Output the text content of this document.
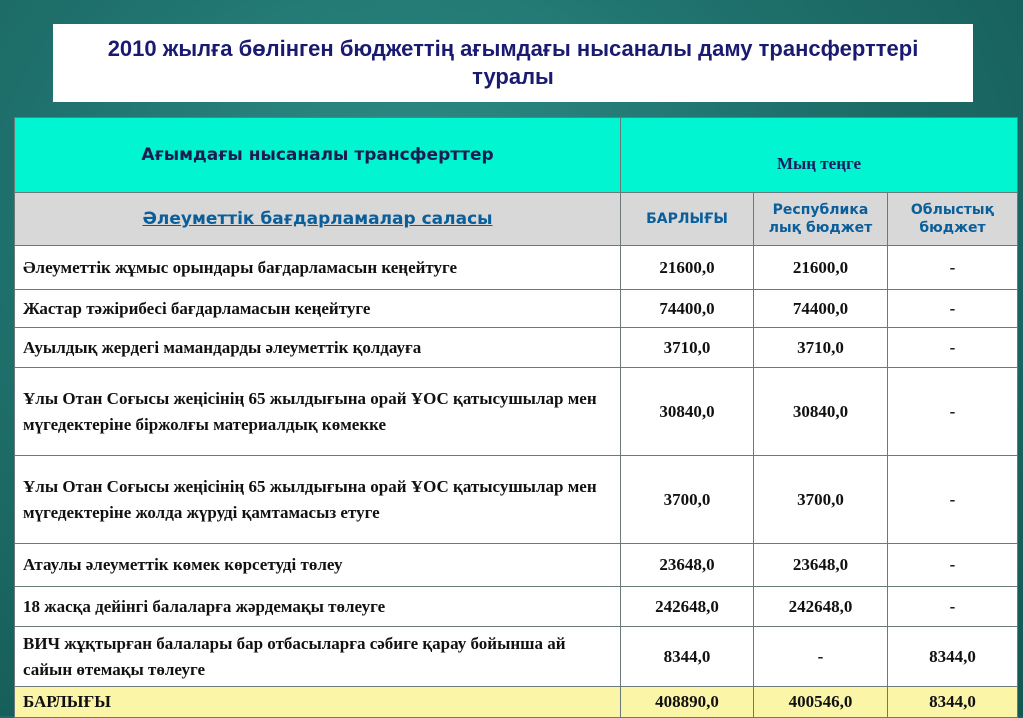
2010 жылға бөлінген бюджеттің ағымдағы нысаналы даму трансферттері
туралы
Ағымдағы нысаналы трансферттер	Мың теңге		
Әлеуметтік бағдарламалар саласы	БАРЛЫҒЫ	Республика лық бюджет	Облыстық бюджет
Әлеуметтік жұмыс орындары бағдарламасын кеңейтуге	21600,0	21600,0	-
Жастар тәжірибесі бағдарламасын кеңейтуге	74400,0	74400,0	-
Ауылдық жердегі мамандарды әлеуметтік қолдауға	3710,0	3710,0	-
Ұлы Отан Соғысы жеңісінің 65 жылдығына орай ҰОС қатысушылар мен мүгедектеріне біржолғы материалдық көмекке	30840,0	30840,0	-
Ұлы Отан Соғысы жеңісінің 65 жылдығына орай ҰОС қатысушылар мен мүгедектеріне жолда жүруді қамтамасыз етуге	3700,0	3700,0	-
Атаулы әлеуметтік көмек көрсетуді төлеу	23648,0	23648,0	-
18 жасқа дейінгі балаларға жәрдемақы төлеуге	242648,0	242648,0	-
ВИЧ жұқтырған балалары бар отбасыларға сәбиге қарау бойынша ай сайын өтемақы төлеуге	8344,0	-	8344,0
БАРЛЫҒЫ	408890,0	400546,0	8344,0
